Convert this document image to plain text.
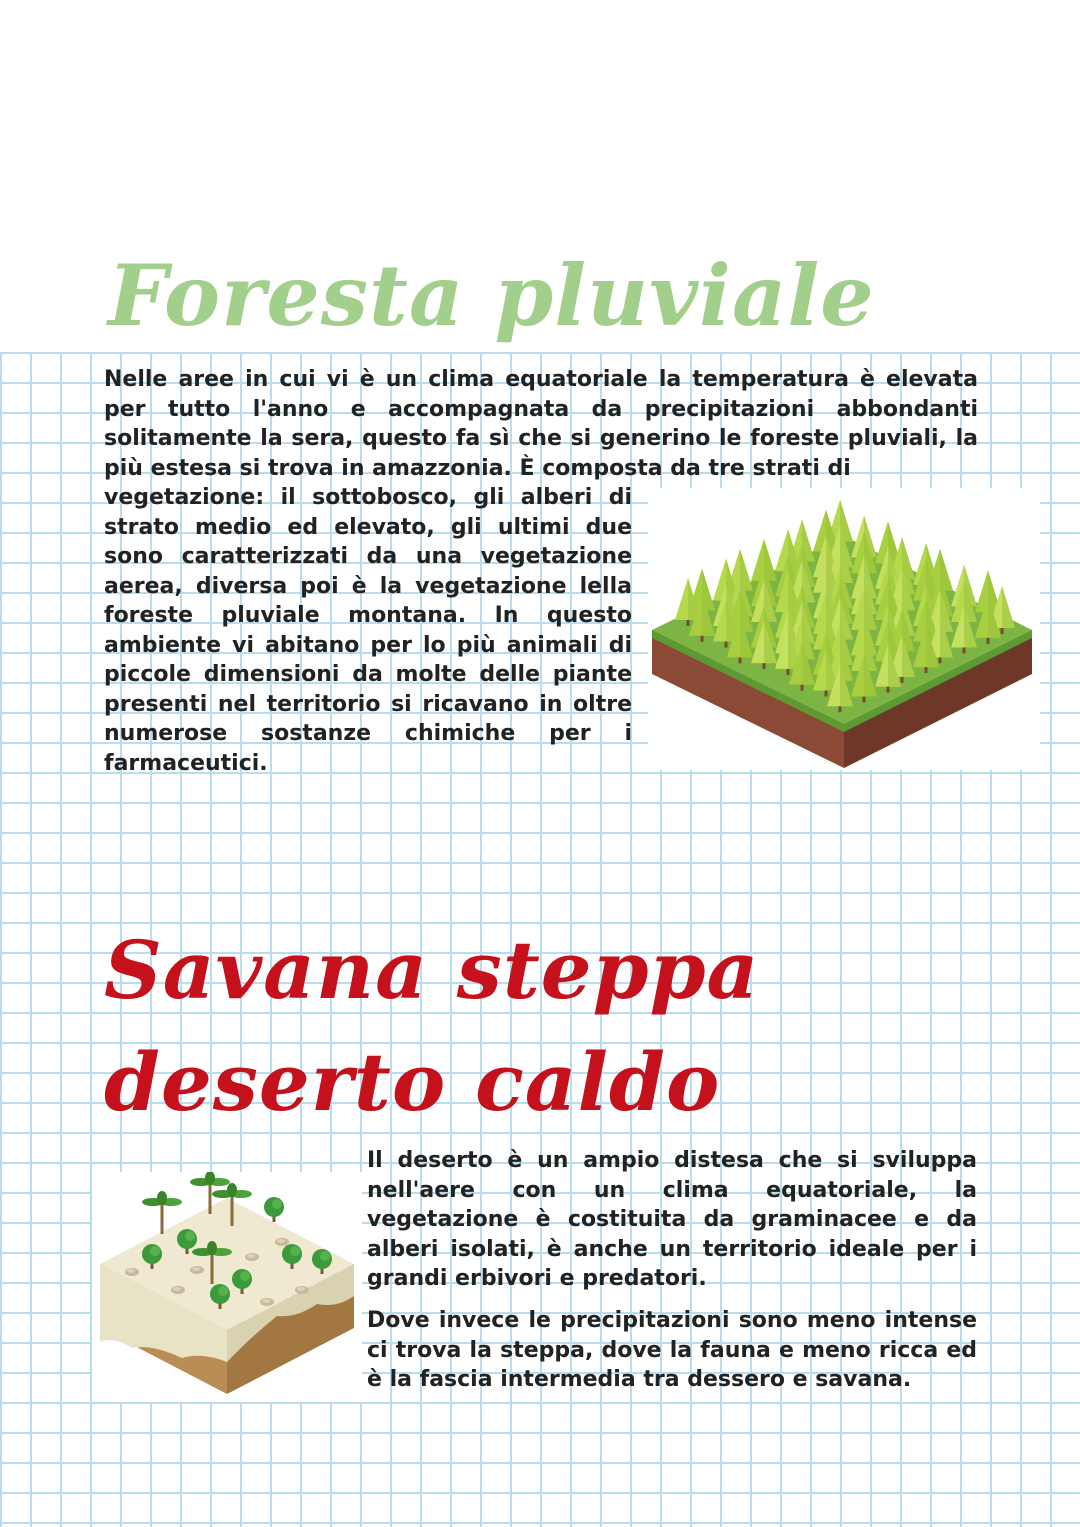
Foresta pluviale

Nelle aree in cui vi è un clima equatoriale la temperatura è elevata per tutto l'anno e accompagnata da precipitazioni abbondanti solitamente la sera, questo fa sì che si generino le foreste pluviali, la più estesa si trova in amazzonia. È composta da tre strati di

vegetazione: il sottobosco, gli alberi di strato medio ed elevato, gli ultimi due sono caratterizzati da una vegetazione aerea, diversa poi è la vegetazione lella foreste pluviale montana. In questo ambiente vi abitano per lo più animali di piccole dimensioni da molte delle piante presenti nel territorio si ricavano in oltre numerose sostanze chimiche per i farmaceutici.

Savana steppa
deserto caldo

Il deserto è un ampio distesa che si sviluppa nell'aere con un clima equatoriale, la vegetazione è costituita da graminacee e da alberi isolati, è anche un territorio ideale per i grandi erbivori e predatori.

Dove invece le precipitazioni sono meno intense ci trova la steppa, dove la fauna e meno ricca ed è la fascia intermedia tra dessero e savana.
